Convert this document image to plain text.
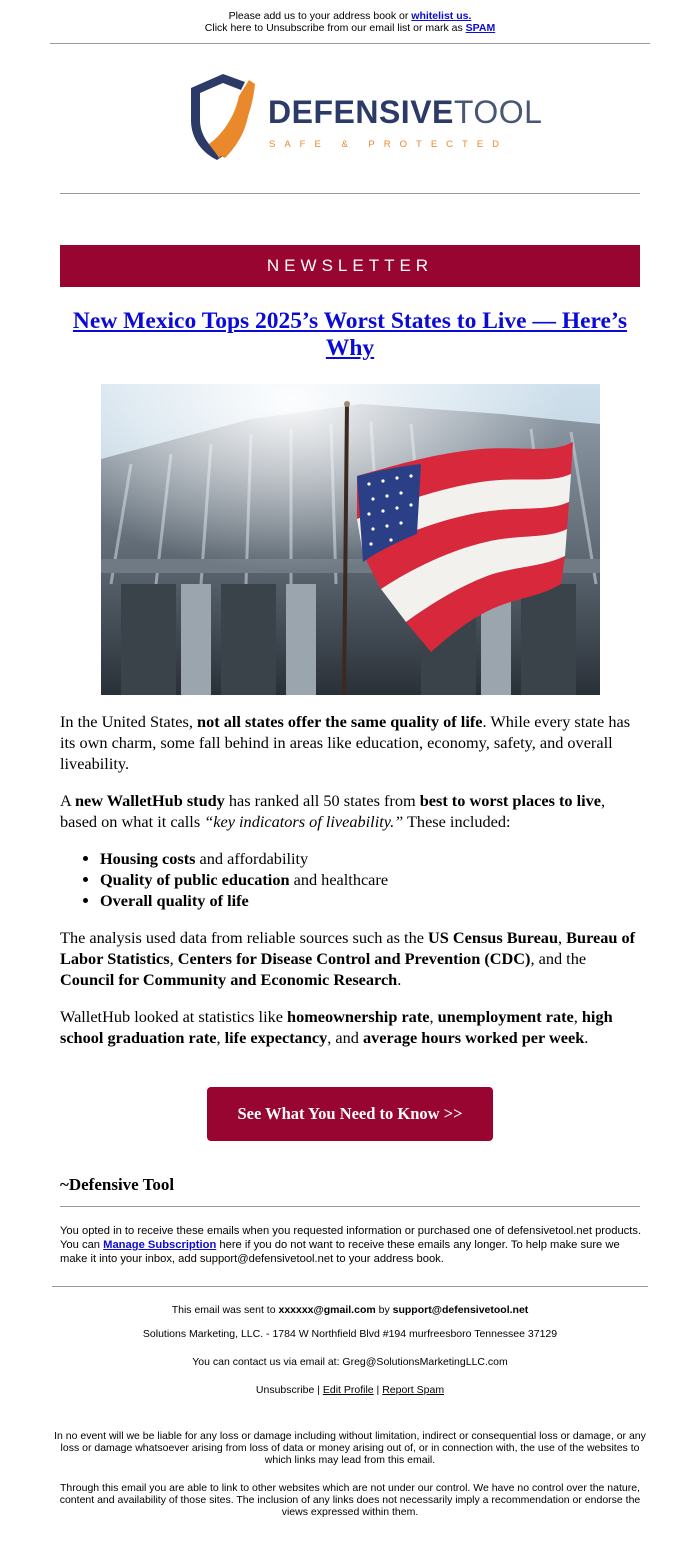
Please add us to your address book or whitelist us.
Click here to Unsubscribe from our email list or mark as SPAM
DEFENSIVETOOL
SAFE & PROTECTED
NEWSLETTER
New Mexico Tops 2025’s Worst States to Live — Here’s Why

In the United States, not all states offer the same quality of life. While every state has its own charm, some fall behind in areas like education, economy, safety, and overall liveability.

A new WalletHub study has ranked all 50 states from best to worst places to live, based on what it calls “key indicators of liveability.” These included:

• Housing costs and affordability
• Quality of public education and healthcare
• Overall quality of life

The analysis used data from reliable sources such as the US Census Bureau, Bureau of Labor Statistics, Centers for Disease Control and Prevention (CDC), and the Council for Community and Economic Research.

WalletHub looked at statistics like homeownership rate, unemployment rate, high school graduation rate, life expectancy, and average hours worked per week.

See What You Need to Know >>
~Defensive Tool
You opted in to receive these emails when you requested information or purchased one of defensivetool.net products. You can Manage Subscription here if you do not want to receive these emails any longer. To help make sure we make it into your inbox, add support@defensivetool.net to your address book.
This email was sent to xxxxxx@gmail.com by support@defensivetool.net
Solutions Marketing, LLC. - 1784 W Northfield Blvd #194 murfreesboro Tennessee 37129
You can contact us via email at: Greg@SolutionsMarketingLLC.com
Unsubscribe | Edit Profile | Report Spam
In no event will we be liable for any loss or damage including without limitation, indirect or consequential loss or damage, or any loss or damage whatsoever arising from loss of data or money arising out of, or in connection with, the use of the websites to which links may lead from this email.
Through this email you are able to link to other websites which are not under our control. We have no control over the nature, content and availability of those sites. The inclusion of any links does not necessarily imply a recommendation or endorse the views expressed within them.
